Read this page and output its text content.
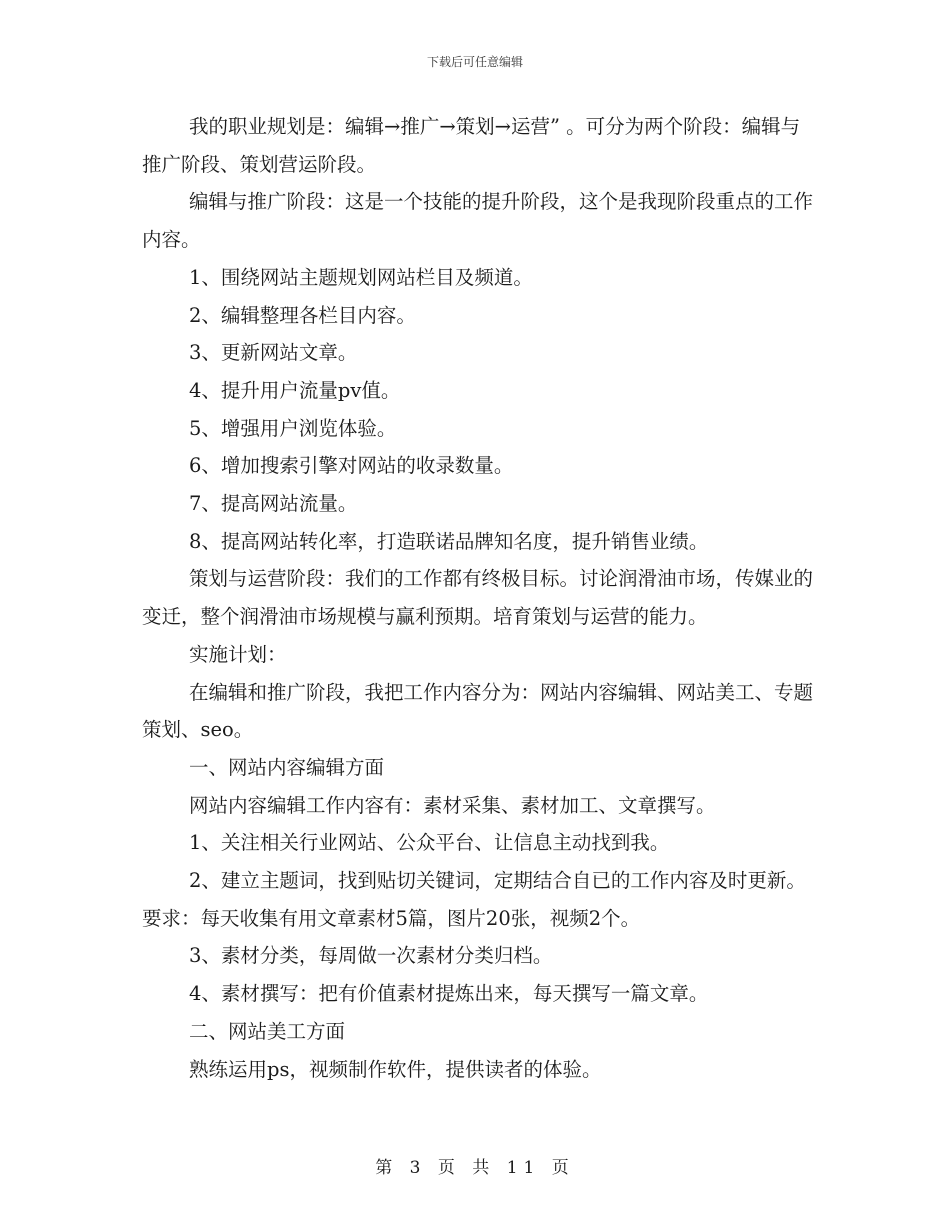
下载后可任意编辑

我的职业规划是：编辑→推广→策划→运营” 。可分为两个阶段：编辑与推广阶段、策划营运阶段。

编辑与推广阶段：这是一个技能的提升阶段，这个是我现阶段重点的工作内容。

1、围绕网站主题规划网站栏目及频道。

2、编辑整理各栏目内容。

3、更新网站文章。

4、提升用户流量pv值。

5、增强用户浏览体验。

6、增加搜索引擎对网站的收录数量。

7、提高网站流量。

8、提高网站转化率，打造联诺品牌知名度，提升销售业绩。

策划与运营阶段：我们的工作都有终极目标。讨论润滑油市场，传媒业的变迁，整个润滑油市场规模与赢利预期。培育策划与运营的能力。

实施计划：

在编辑和推广阶段，我把工作内容分为：网站内容编辑、网站美工、专题策划、seo。

一、网站内容编辑方面

网站内容编辑工作内容有：素材采集、素材加工、文章撰写。

1、关注相关行业网站、公众平台、让信息主动找到我。

2、建立主题词，找到贴切关键词，定期结合自已的工作内容及时更新。要求：每天收集有用文章素材5篇，图片20张，视频2个。

3、素材分类，每周做一次素材分类归档。

4、素材撰写：把有价值素材提炼出来，每天撰写一篇文章。

二、网站美工方面

熟练运用ps，视频制作软件，提供读者的体验。

第 3 页 共 11 页
